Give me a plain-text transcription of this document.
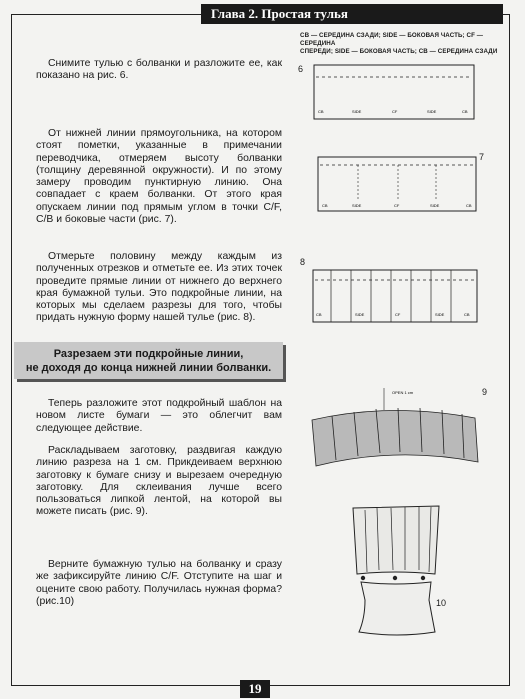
Глава 2. Простая тулья
CB — СЕРЕДИНА СЗАДИ; SIDE — БОКОВАЯ ЧАСТЬ; CF — СЕРЕДИНА
СПЕРЕДИ; SIDE — БОКОВАЯ ЧАСТЬ; CB — СЕРЕДИНА СЗАДИ
Снимите тулью с болванки и разложите ее, как показано на рис. 6.
От нижней линии прямоугольника, на котором стоят пометки, указанные в примечании переводчика, отмеряем высоту болванки (толщину деревянной окружности). И по этому замеру проводим пунктирную линию. Она совпадает с краем болванки. От этого края опускаем линии под прямым углом в точки C/F, C/B и боковые части (рис. 7).
Отмерьте половину между каждым из полученных отрезков и отметьте ее. Из этих точек проведите прямые линии от нижнего до верхнего края бумажной тульи. Это подкройные линии, на которых мы сделаем разрезы для того, чтобы придать нужную форму нашей тулье (рис. 8).
Разрезаем эти подкройные линии,
не доходя до конца нижней линии болванки.
Теперь разложите этот подкройный шаблон на новом листе бумаги — это облегчит вам следующее действие.
Раскладываем заготовку, раздвигая каждую линию разреза на 1 см. Прикдеиваем верхнюю заготовку к бумаге снизу и вырезаем очередную заготовку. Для склеивания лучше всего пользоваться липкой лентой, на которой вы можете писать (рис. 9).
Верните бумажную тулью на болванку и сразу же зафиксируйте линию C/F. Отступите на шаг и оцените свою работу. Получилась нужная форма? (рис.10)
6
CB	SIDE	CF	SIDE	CB
7
CB	SIDE	CF	SIDE	CB
8
CB	SIDE	CF	SIDE	CB
9
OPEN 1 cm
10
19
